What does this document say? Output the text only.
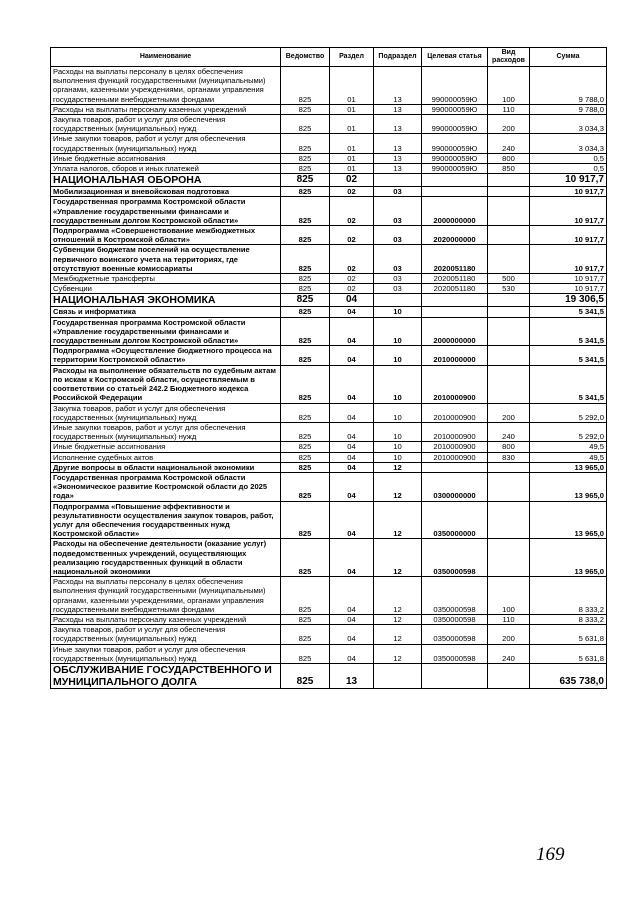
Наименование	Ведомство	Раздел	Подраздел	Целевая статья	Вид расходов	Сумма
Расходы на выплаты персоналу в целях обеспечения выполнения функций государственными (муниципальными) органами, казенными учреждениями, органами управления государственными внебюджетными фондами	825	01	13	990000059Ю	100	9 788,0
Расходы на выплаты персоналу казенных учреждений	825	01	13	990000059Ю	110	9 788,0
Закупка товаров, работ и услуг для обеспечения государственных (муниципальных) нужд	825	01	13	990000059Ю	200	3 034,3
Иные закупки товаров, работ и услуг для обеспечения государственных (муниципальных) нужд	825	01	13	990000059Ю	240	3 034,3
Иные бюджетные ассигнования	825	01	13	990000059Ю	800	0,5
Уплата налогов, сборов и иных платежей	825	01	13	990000059Ю	850	0,5
НАЦИОНАЛЬНАЯ ОБОРОНА	825	02				10 917,7
Мобилизационная и вневойсковая подготовка	825	02	03			10 917,7
Государственная программа Костромской области «Управление государственными финансами и государственным долгом Костромской области»	825	02	03	2000000000		10 917,7
Подпрограмма «Совершенствование межбюджетных отношений в Костромской области»	825	02	03	2020000000		10 917,7
Субвенции бюджетам поселений на осуществление первичного воинского учета на территориях, где отсутствуют военные комиссариаты	825	02	03	2020051180		10 917,7
Межбюджетные трансферты	825	02	03	2020051180	500	10 917,7
Субвенции	825	02	03	2020051180	530	10 917,7
НАЦИОНАЛЬНАЯ ЭКОНОМИКА	825	04				19 306,5
Связь и информатика	825	04	10			5 341,5
Государственная программа Костромской области «Управление государственными финансами и государственным долгом Костромской области»	825	04	10	2000000000		5 341,5
Подпрограмма «Осуществление бюджетного процесса на территории Костромской области»	825	04	10	2010000000		5 341,5
Расходы на выполнение обязательств по судебным актам по искам к Костромской области, осуществляемым в соответствии со статьей 242.2 Бюджетного кодекса Российской Федерации	825	04	10	2010000900		5 341,5
Закупка товаров, работ и услуг для обеспечения государственных (муниципальных) нужд	825	04	10	2010000900	200	5 292,0
Иные закупки товаров, работ и услуг для обеспечения государственных (муниципальных) нужд	825	04	10	2010000900	240	5 292,0
Иные бюджетные ассигнования	825	04	10	2010000900	800	49,5
Исполнение судебных актов	825	04	10	2010000900	830	49,5
Другие вопросы в области национальной экономики	825	04	12			13 965,0
Государственная программа Костромской области «Экономическое развитие Костромской области до 2025 года»	825	04	12	0300000000		13 965,0
Подпрограмма «Повышение эффективности и результативности осуществления закупок товаров, работ, услуг для обеспечения государственных нужд Костромской области»	825	04	12	0350000000		13 965,0
Расходы на обеспечение деятельности (оказание услуг) подведомственных учреждений, осуществляющих реализацию государственных функций в области национальной экономики	825	04	12	0350000598		13 965,0
Расходы на выплаты персоналу в целях обеспечения выполнения функций государственными (муниципальными) органами, казенными учреждениями, органами управления государственными внебюджетными фондами	825	04	12	0350000598	100	8 333,2
Расходы на выплаты персоналу казенных учреждений	825	04	12	0350000598	110	8 333,2
Закупка товаров, работ и услуг для обеспечения государственных (муниципальных) нужд	825	04	12	0350000598	200	5 631,8
Иные закупки товаров, работ и услуг для обеспечения государственных (муниципальных) нужд	825	04	12	0350000598	240	5 631,8
ОБСЛУЖИВАНИЕ ГОСУДАРСТВЕННОГО И МУНИЦИПАЛЬНОГО ДОЛГА	825	13				635 738,0
169
